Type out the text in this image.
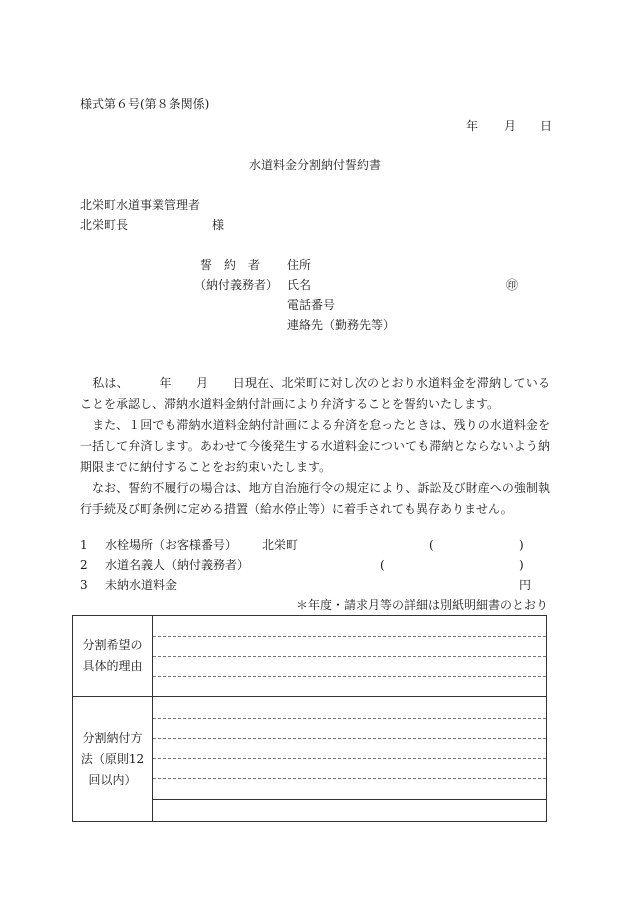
様式第６号(第８条関係)
年 月 日
水道料金分割納付誓約書
北栄町水道事業管理者
北栄町長	様
誓　約　者 住所
（納付義務者） 氏名	㊞
電話番号
連絡先（勤務先等）

　私は、　　　年　　月　　日現在、北栄町に対し次のとおり水道料金を滞納していることを承認し、滞納水道料金納付計画により弁済することを誓約いたします。

　また、１回でも滞納水道料金納付計画による弁済を怠ったときは、残りの水道料金を一括して弁済します。あわせて今後発生する水道料金についても滞納とならないよう納期限までに納付することをお約束いたします。

　なお、誓約不履行の場合は、地方自治施行令の規定により、訴訟及び財産への強制執行手続及び町条例に定める措置（給水停止等）に着手されても異存ありません。

1 水栓場所（お客様番号） 北栄町	(	)
2 水道名義人（納付義務者）	(	)
3 未納水道料金	円
＊年度・請求月等の詳細は別紙明細書のとおり
分割希望の具体的理由
分割納付方法（原則12回以内）
